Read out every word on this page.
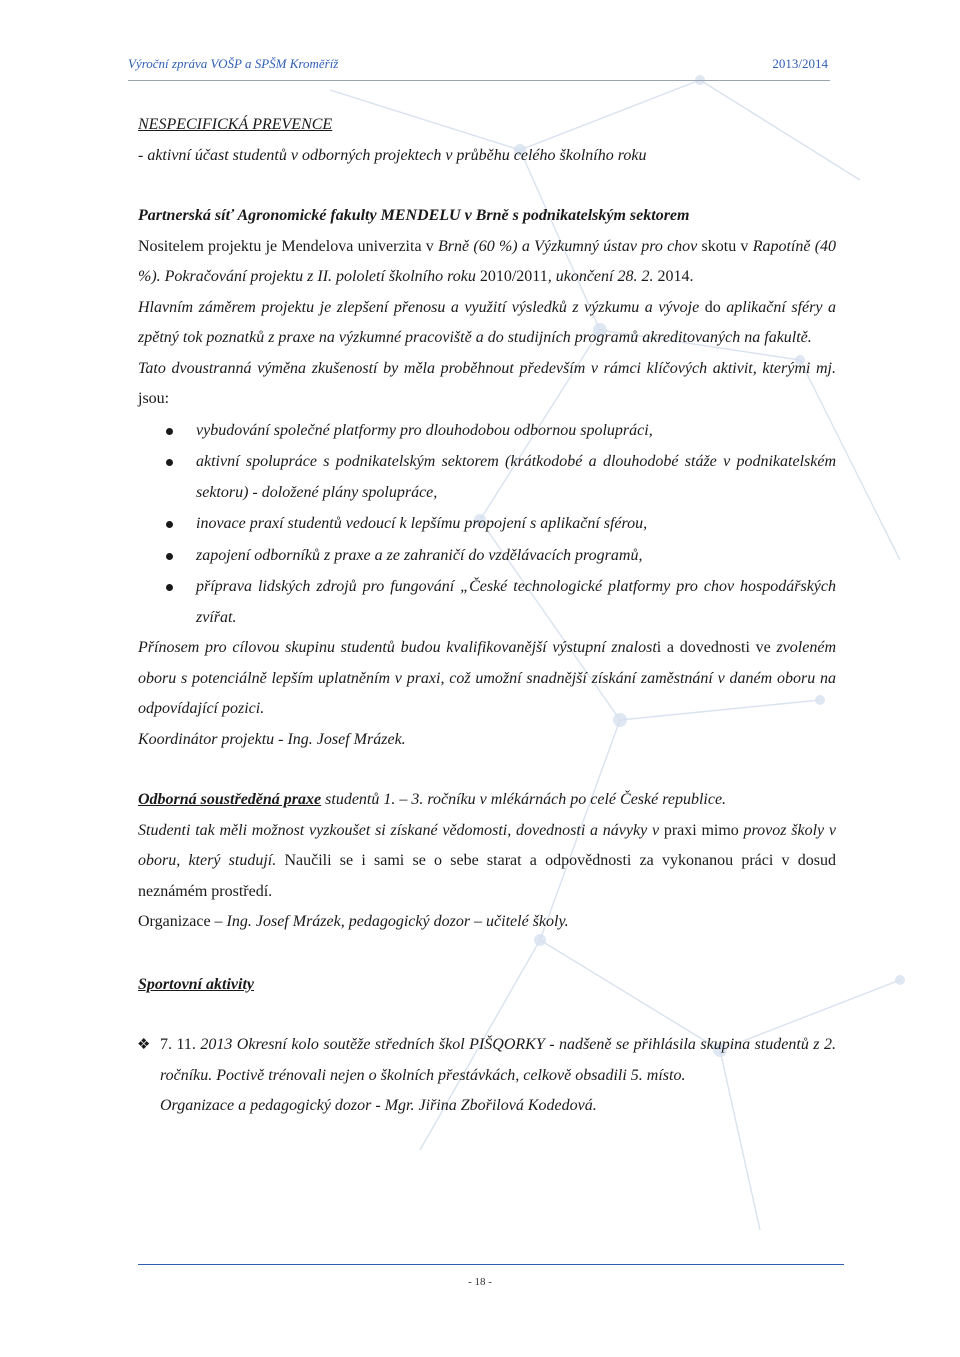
Výroční zpráva VOŠP a SPŠM Kroměříž	2013/2014

NESPECIFICKÁ PREVENCE

- aktivní účast studentů v odborných projektech v průběhu celého školního roku

Partnerská síť Agronomické fakulty MENDELU v Brně s podnikatelským sektorem

Nositelem projektu je Mendelova univerzita v Brně (60 %) a Výzkumný ústav pro chov skotu v Rapotíně (40 %). Pokračování projektu z II. pololetí školního roku 2010/2011, ukončení 28. 2. 2014.

Hlavním záměrem projektu je zlepšení přenosu a využití výsledků z výzkumu a vývoje do aplikační sféry a zpětný tok poznatků z praxe na výzkumné pracoviště a do studijních programů akreditovaných na fakultě.

Tato dvoustranná výměna zkušeností by měla proběhnout především v rámci klíčových aktivit, kterými mj. jsou:

vybudování společné platformy pro dlouhodobou odbornou spolupráci,
aktivní spolupráce s podnikatelským sektorem (krátkodobé a dlouhodobé stáže v podnikatelském sektoru) - doložené plány spolupráce,
inovace praxí studentů vedoucí k lepšímu propojení s aplikační sférou,
zapojení odborníků z praxe a ze zahraničí do vzdělávacích programů,
příprava lidských zdrojů pro fungování „České technologické platformy pro chov hospodářských zvířat.

Přínosem pro cílovou skupinu studentů budou kvalifikovanější výstupní znalosti a dovednosti ve zvoleném oboru s potenciálně lepším uplatněním v praxi, což umožní snadnější získání zaměstnání v daném oboru na odpovídající pozici.

Koordinátor projektu - Ing. Josef Mrázek.

Odborná soustředěná praxe studentů 1. – 3. ročníku v mlékárnách po celé České republice.

Studenti tak měli možnost vyzkoušet si získané vědomosti, dovednosti a návyky v praxi mimo provoz školy v oboru, který studují. Naučili se i sami se o sebe starat a odpovědnosti za vykonanou práci v dosud neznámém prostředí.

Organizace – Ing. Josef Mrázek, pedagogický dozor – učitelé školy.

Sportovní aktivity

❖ 7. 11. 2013 Okresní kolo soutěže středních škol PIŠQORKY - nadšeně se přihlásila skupina studentů z 2. ročníku. Poctivě trénovali nejen o školních přestávkách, celkově obsadili 5. místo.

Organizace a pedagogický dozor - Mgr. Jiřina Zbořilová Kodedová.

- 18 -
